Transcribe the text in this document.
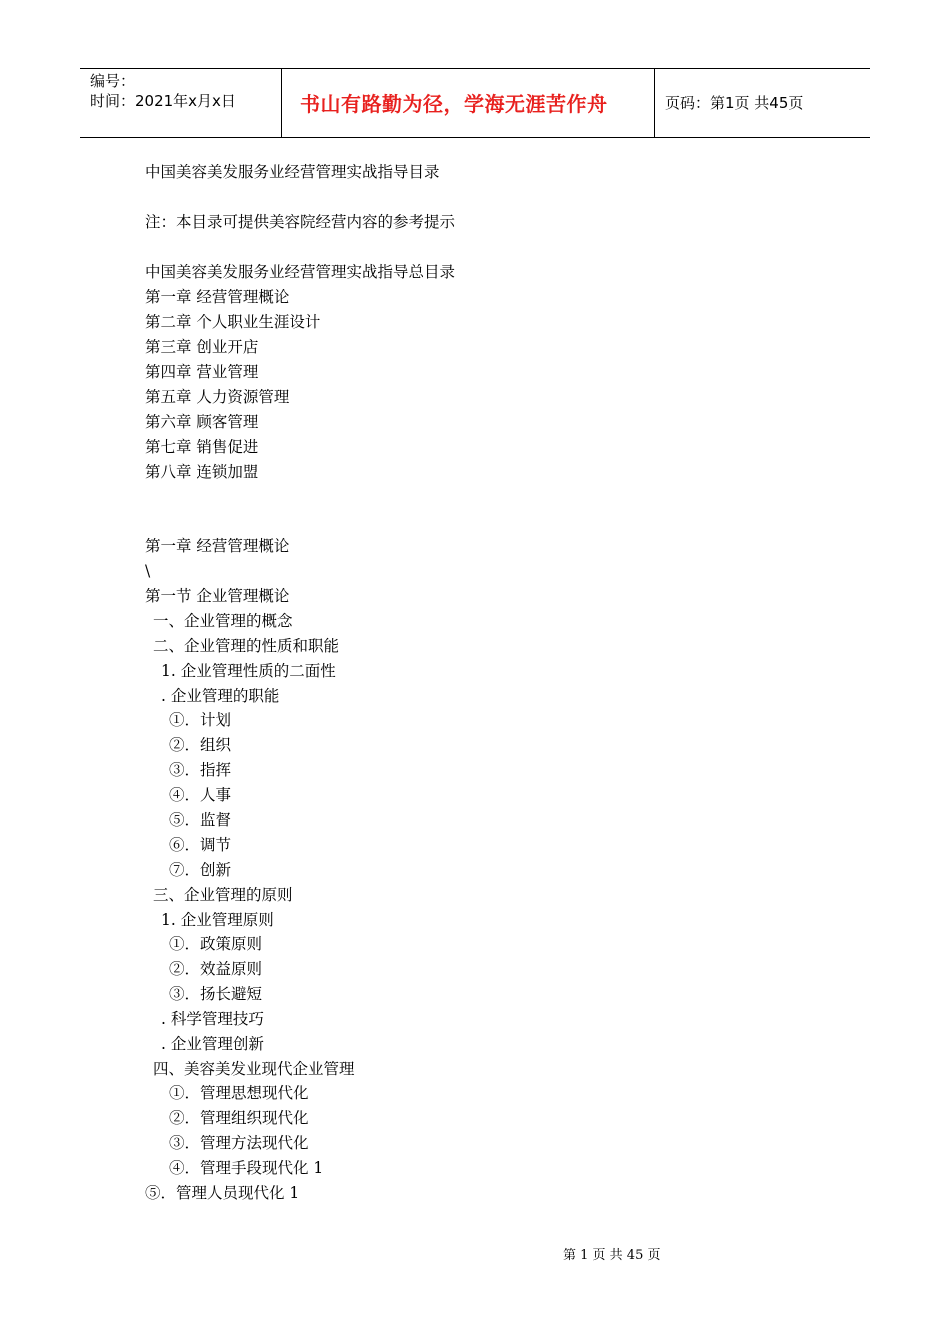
编号：
时间：2021年x月x日	书山有路勤为径，学海无涯苦作舟	页码：第1页 共45页
中国美容美发服务业经营管理实战指导目录
注：本目录可提供美容院经营内容的参考提示
中国美容美发服务业经营管理实战指导总目录
第一章 经营管理概论
第二章 个人职业生涯设计
第三章 创业开店
第四章 营业管理
第五章 人力资源管理
第六章 顾客管理
第七章 销售促进
第八章 连锁加盟
第一章 经营管理概论
\
第一节 企业管理概论
一、企业管理的概念
二、企业管理的性质和职能
1. 企业管理性质的二面性
. 企业管理的职能
①．计划
②．组织
③．指挥
④．人事
⑤．监督
⑥．调节
⑦．创新
三、企业管理的原则
1. 企业管理原则
①．政策原则
②．效益原则
③．扬长避短
. 科学管理技巧
. 企业管理创新
四、美容美发业现代企业管理
①．管理思想现代化
②．管理组织现代化
③．管理方法现代化
④．管理手段现代化 1
⑤．管理人员现代化 1
第 1 页 共 45 页
